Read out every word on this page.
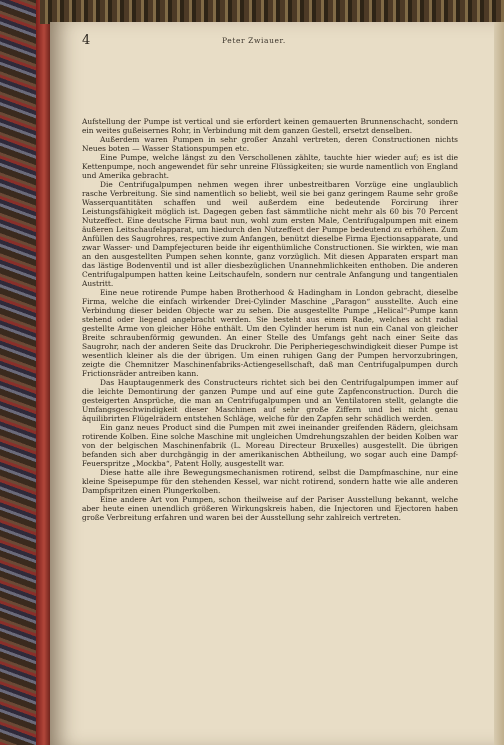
4	Peter Zwiauer.

Aufstellung der Pumpe ist vertical und sie erfordert keinen gemauerten Brunnenschacht, sondern ein weites gußeisernes Rohr, in Verbindung mit dem ganzen Gestell, ersetzt denselben.

Außerdem waren Pumpen in sehr großer Anzahl vertreten, deren Constructionen nichts Neues boten — Wasser Stationspumpen etc.

Eine Pumpe, welche längst zu den Verschollenen zählte, tauchte hier wieder auf; es ist die Kettenpumpe, noch angewendet für sehr unreine Flüssigkeiten; sie wurde namentlich von England und Amerika gebracht.

Die Centrifugalpumpen nehmen wegen ihrer unbestreitbaren Vorzüge eine unglaublich rasche Verbreitung. Sie sind namentlich so beliebt, weil sie bei ganz geringem Raume sehr große Wasserquantitäten schaffen und weil außerdem eine bedeutende Forcirung ihrer Leistungsfähigkeit möglich ist. Dagegen geben fast sämmtliche nicht mehr als 60 bis 70 Percent Nutzeffect. Eine deutsche Firma baut nun, wohl zum ersten Male, Centrifugalpumpen mit einem äußeren Leitschaufelapparat, um hiedurch den Nutzeffect der Pumpe bedeutend zu erhöhen. Zum Anfüllen des Saugrohres, respective zum Anfangen, benützt dieselbe Firma Ejectionsapparate, und zwar Wasser- und Dampfejecturen beide ihr eigenthümliche Constructionen. Sie wirkten, wie man an den ausgestellten Pumpen sehen konnte, ganz vorzüglich. Mit diesen Apparaten erspart man das lästige Bodenventil und ist aller diesbezüglichen Unannehmlichkeiten enthoben. Die anderen Centrifugalpumpen hatten keine Leitschaufeln, sondern nur centrale Anfangung und tangentialen Austritt.

Eine neue rotirende Pumpe haben Brotherhood & Hadingham in London gebracht, dieselbe Firma, welche die einfach wirkender Drei-Cylinder Maschine „Paragon“ ausstellte. Auch eine Verbindung dieser beiden Objecte war zu sehen. Die ausgestellte Pumpe „Helical“-Pumpe kann stehend oder liegend angebracht werden. Sie besteht aus einem Rade, welches acht radial gestellte Arme von gleicher Höhe enthält. Um den Cylinder herum ist nun ein Canal von gleicher Breite schraubenförmig gewunden. An einer Stelle des Umfangs geht nach einer Seite das Saugrohr, nach der anderen Seite das Druckrohr. Die Peripheriegeschwindigkeit dieser Pumpe ist wesentlich kleiner als die der übrigen. Um einen ruhigen Gang der Pumpen hervorzubringen, zeigte die Chemnitzer Maschinenfabriks-Actiengesellschaft, daß man Centrifugalpumpen durch Frictionsräder antreiben kann.

Das Hauptaugenmerk des Constructeurs richtet sich bei den Centrifugalpumpen immer auf die leichte Demontirung der ganzen Pumpe und auf eine gute Zapfenconstruction. Durch die gesteigerten Ansprüche, die man an Centrifugalpumpen und an Ventilatoren stellt, gelangte die Umfangsgeschwindigkeit dieser Maschinen auf sehr große Ziffern und bei nicht genau äquilibrirten Flügelrädern entstehen Schläge, welche für den Zapfen sehr schädlich werden.

Ein ganz neues Product sind die Pumpen mit zwei ineinander greifenden Rädern, gleichsam rotirende Kolben. Eine solche Maschine mit ungleichen Umdrehungszahlen der beiden Kolben war von der belgischen Maschinenfabrik (L. Moreau Directeur Bruxelles) ausgestellt. Die übrigen befanden sich aber durchgängig in der amerikanischen Abtheilung, wo sogar auch eine Dampf-Feuerspritze „Mockba“, Patent Holly, ausgestellt war.

Diese hatte alle ihre Bewegungsmechanismen rotirend, selbst die Dampfmaschine, nur eine kleine Speisepumpe für den stehenden Kessel, war nicht rotirend, sondern hatte wie alle anderen Dampfspritzen einen Plungerkolben.

Eine andere Art von Pumpen, schon theilweise auf der Pariser Ausstellung bekannt, welche aber heute einen unendlich größeren Wirkungskreis haben, die Injectoren und Ejectoren haben große Verbreitung erfahren und waren bei der Ausstellung sehr zahlreich vertreten.
